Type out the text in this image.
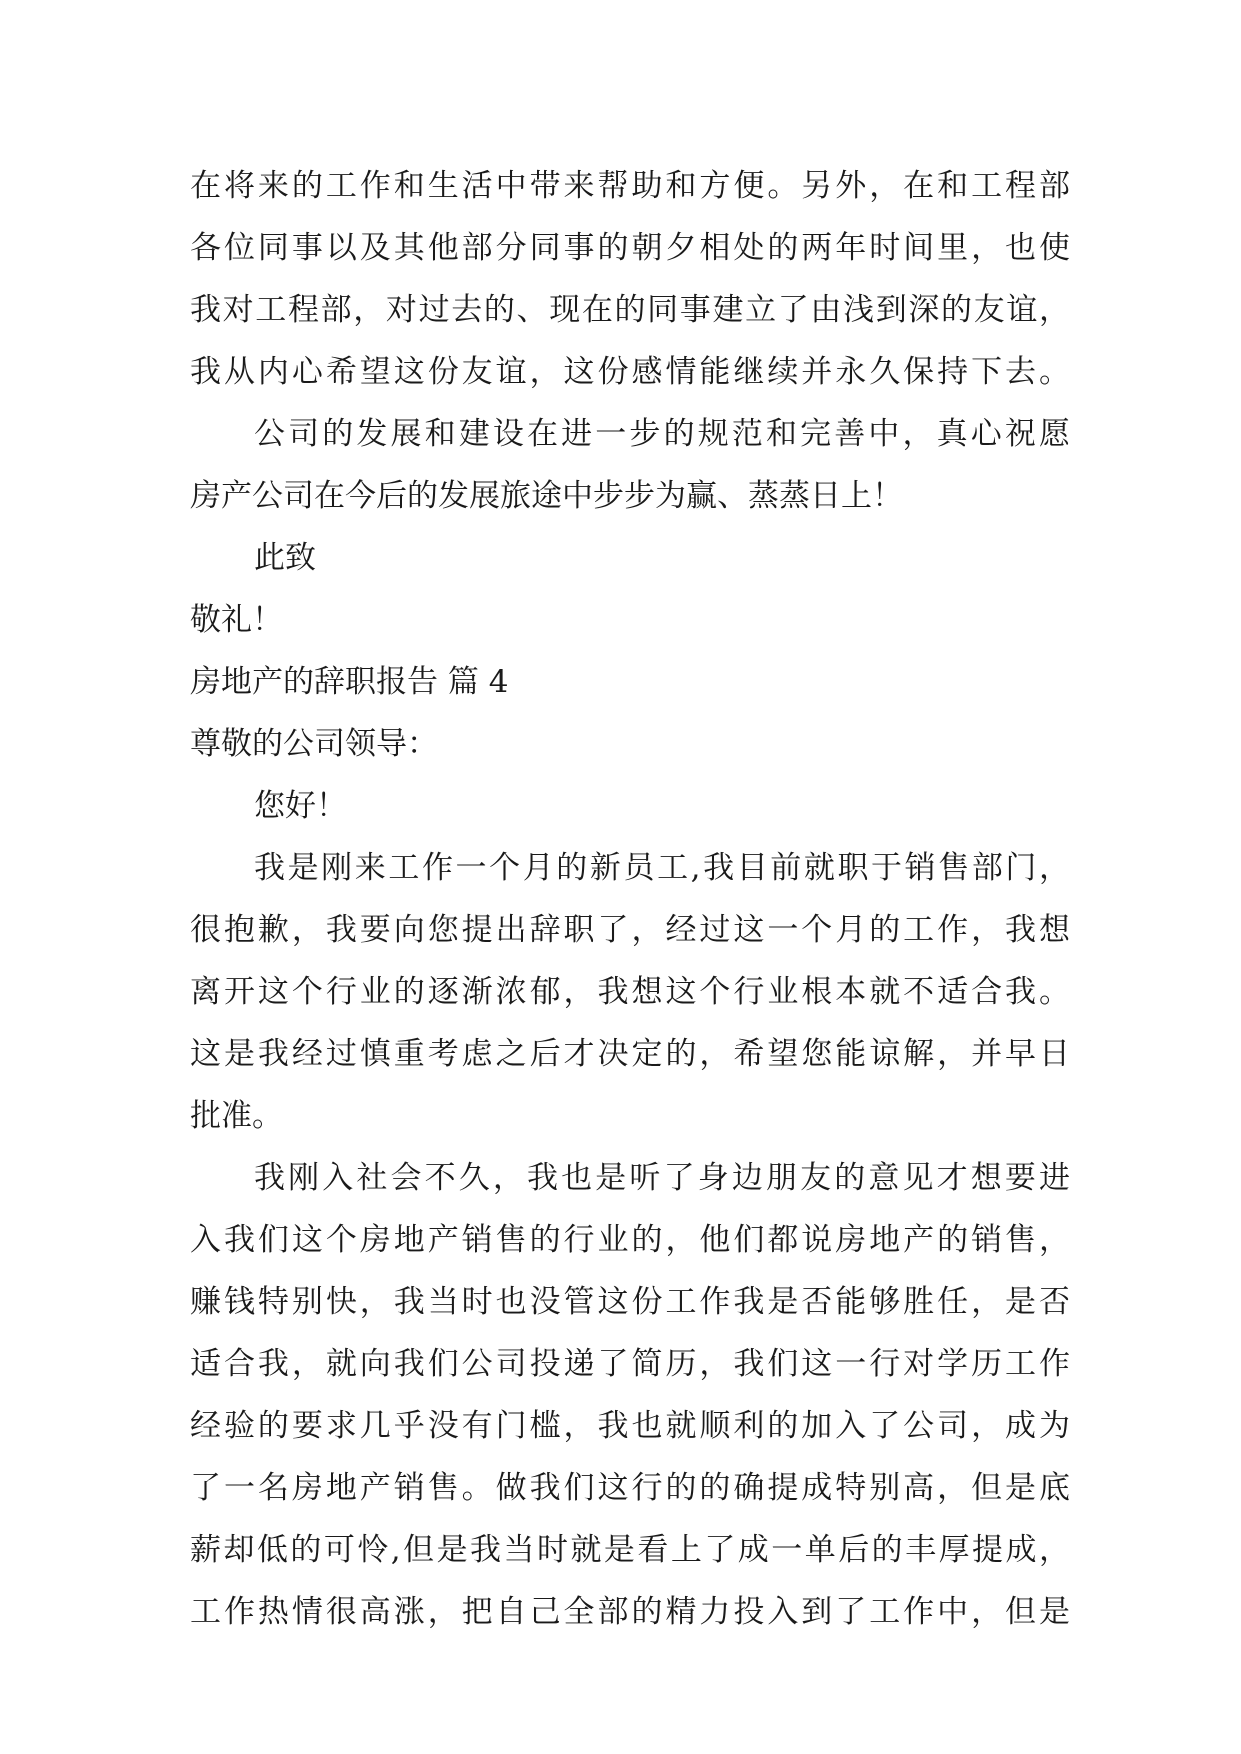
在将来的工作和生活中带来帮助和方便。另外，在和工程部
各位同事以及其他部分同事的朝夕相处的两年时间里，也使
我对工程部，对过去的、现在的同事建立了由浅到深的友谊，
我从内心希望这份友谊，这份感情能继续并永久保持下去。
公司的发展和建设在进一步的规范和完善中，真心祝愿
房产公司在今后的发展旅途中步步为赢、蒸蒸日上！
此致
敬礼！
房地产的辞职报告 篇 4
尊敬的公司领导：
您好！
我是刚来工作一个月的新员工,我目前就职于销售部门，
很抱歉，我要向您提出辞职了，经过这一个月的工作，我想
离开这个行业的逐渐浓郁，我想这个行业根本就不适合我。
这是我经过慎重考虑之后才决定的，希望您能谅解，并早日
批准。
我刚入社会不久，我也是听了身边朋友的意见才想要进
入我们这个房地产销售的行业的，他们都说房地产的销售，
赚钱特别快，我当时也没管这份工作我是否能够胜任，是否
适合我，就向我们公司投递了简历，我们这一行对学历工作
经验的要求几乎没有门槛，我也就顺利的加入了公司，成为
了一名房地产销售。做我们这行的的确提成特别高，但是底
薪却低的可怜,但是我当时就是看上了成一单后的丰厚提成，
工作热情很高涨，把自己全部的精力投入到了工作中，但是
